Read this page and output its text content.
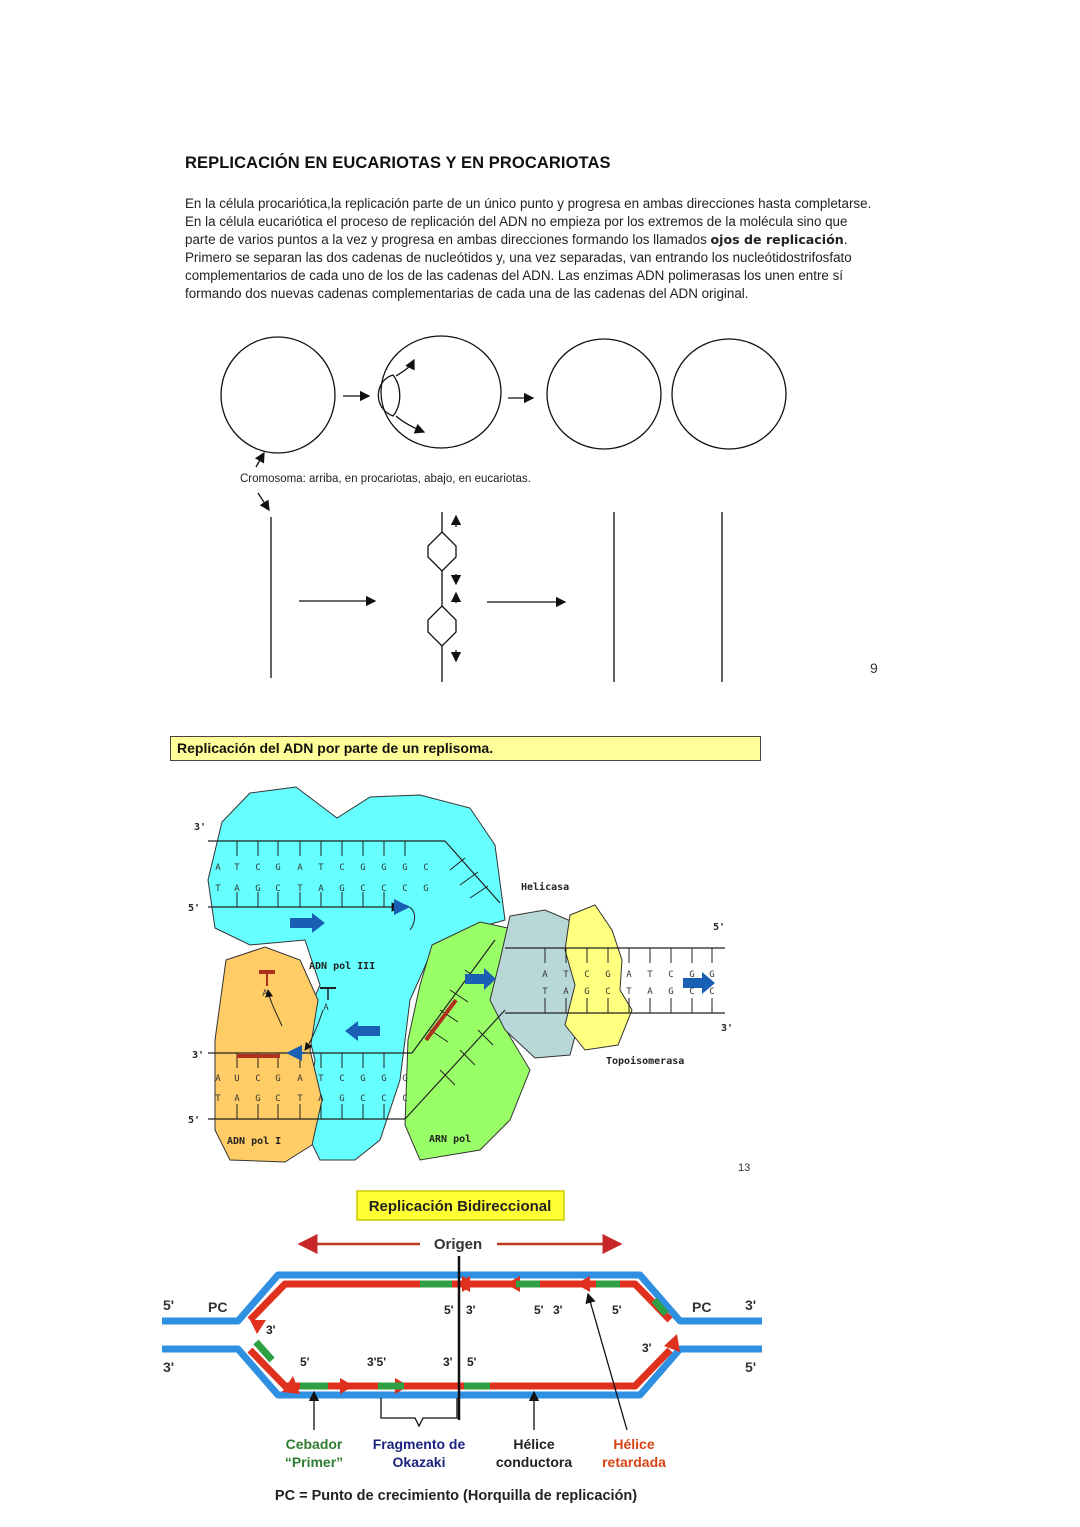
REPLICACIÓN EN EUCARIOTAS Y EN PROCARIOTAS
En la célula procariótica,la replicación parte de un único punto y progresa en ambas direcciones hasta completarse. En la célula eucariótica el proceso de replicación del ADN no empieza por los extremos de la molécula sino que parte de varios puntos a la vez y progresa en ambas direcciones formando los llamados ojos de replicación. Primero se separan las dos cadenas de nucleótidos y, una vez separadas, van entrando los nucleótidostrifosfato complementarios de cada uno de los de las cadenas del ADN. Las enzimas ADN polimerasas los unen entre sí formando dos nuevas cadenas complementarias de cada una de las cadenas del ADN original.
Cromosoma: arriba, en procariotas, abajo, en eucariotas.
9
Replicación del ADN por parte de un replisoma.
3'
5'
3'
5'
5'
3'
A T C G A T C G G G C
T A G C T A G C C C G
A U C G A T C G G G
T A G C T A G C C C
A T C G A T C G G
T A G C T A G C C
A
A
Helicasa
Topoisomerasa
ADN pol III
ADN pol I	ARN pol
13
Replicación Bidireccional
Origen
5'
3'
3'
5'
PC	PC
5' 3'	5' 3'	5'
3'
3'
5'	3'5'	3' 5'
Cebador
“Primer”
Fragmento de
Okazaki
Hélice
conductora
Hélice
retardada
PC = Punto de crecimiento (Horquilla de replicación)
